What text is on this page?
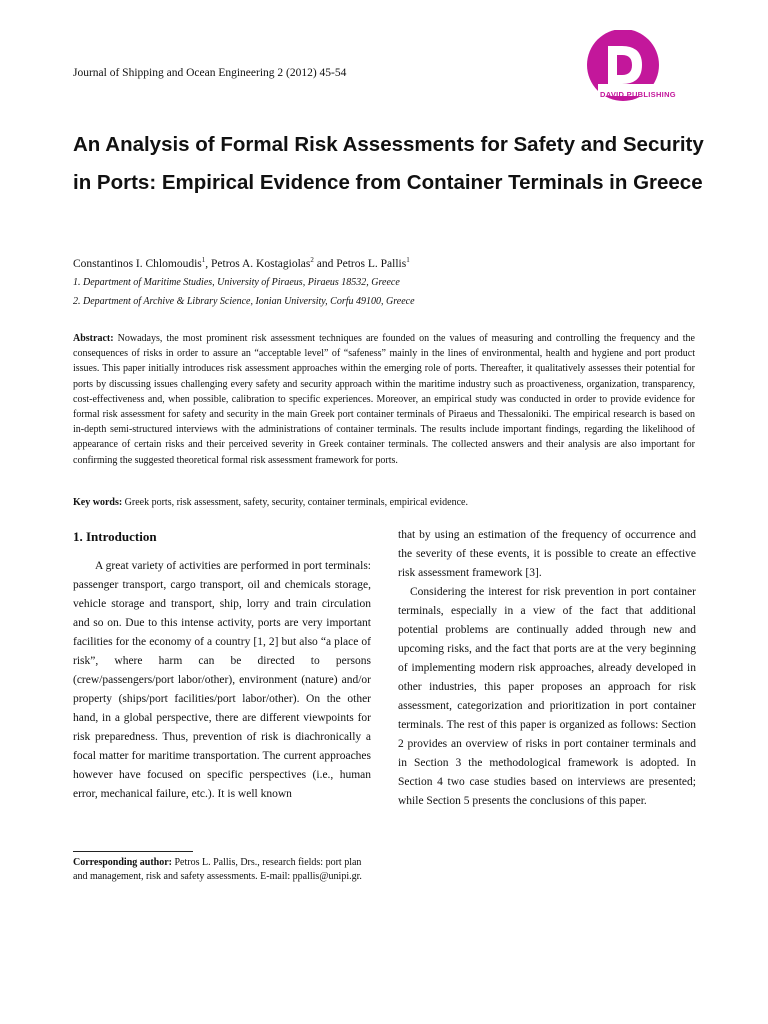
Journal of Shipping and Ocean Engineering 2 (2012) 45-54
DAVID PUBLISHING
An Analysis of Formal Risk Assessments for Safety and Security in Ports: Empirical Evidence from Container Terminals in Greece
Constantinos I. Chlomoudis$^1$, Petros A. Kostagiolas$^2$ and Petros L. Pallis$^1$
1. Department of Maritime Studies, University of Piraeus, Piraeus 18532, Greece
2. Department of Archive & Library Science, Ionian University, Corfu 49100, Greece
Abstract: Nowadays, the most prominent risk assessment techniques are founded on the values of measuring and controlling the frequency and the consequences of risks in order to assure an “acceptable level” of “safeness” mainly in the lines of environmental, health and hygiene and port product issues. This paper initially introduces risk assessment approaches within the emerging role of ports. Thereafter, it qualitatively assesses their potential for ports by discussing issues challenging every safety and security approach within the maritime industry such as proactiveness, organization, transparency, cost-effectiveness and, when possible, calibration to specific experiences. Moreover, an empirical study was conducted in order to provide evidence for formal risk assessment for safety and security in the main Greek port container terminals of Piraeus and Thessaloniki. The empirical research is based on in-depth semi-structured interviews with the administrations of container terminals. The results include important findings, regarding the likelihood of appearance of certain risks and their perceived severity in Greek container terminals. The collected answers and their analysis are also important for confirming the suggested theoretical formal risk assessment framework for ports.
Key words: Greek ports, risk assessment, safety, security, container terminals, empirical evidence.
1. Introduction

A great variety of activities are performed in port terminals: passenger transport, cargo transport, oil and chemicals storage, vehicle storage and transport, ship, lorry and train circulation and so on. Due to this intense activity, ports are very important facilities for the economy of a country [1, 2] but also “a place of risk”, where harm can be directed to persons (crew/passengers/port labor/other), environment (nature) and/or property (ships/port facilities/port labor/other). On the other hand, in a global perspective, there are different viewpoints for risk preparedness. Thus, prevention of risk is diachronically a focal matter for maritime transportation. The current approaches however have focused on specific perspectives (i.e., human error, mechanical failure, etc.). It is well known

that by using an estimation of the frequency of occurrence and the severity of these events, it is possible to create an effective risk assessment framework [3].

Considering the interest for risk prevention in port container terminals, especially in a view of the fact that additional potential problems are continually added through new and upcoming risks, and the fact that ports are at the very beginning of implementing modern risk approaches, already developed in other industries, this paper proposes an approach for risk assessment, categorization and prioritization in port container terminals. The rest of this paper is organized as follows: Section 2 provides an overview of risks in port container terminals and in Section 3 the methodological framework is adopted. In Section 4 two case studies based on interviews are presented; while Section 5 presents the conclusions of this paper.

Corresponding author: Petros L. Pallis, Drs., research fields: port plan and management, risk and safety assessments. E-mail: ppallis@unipi.gr.
